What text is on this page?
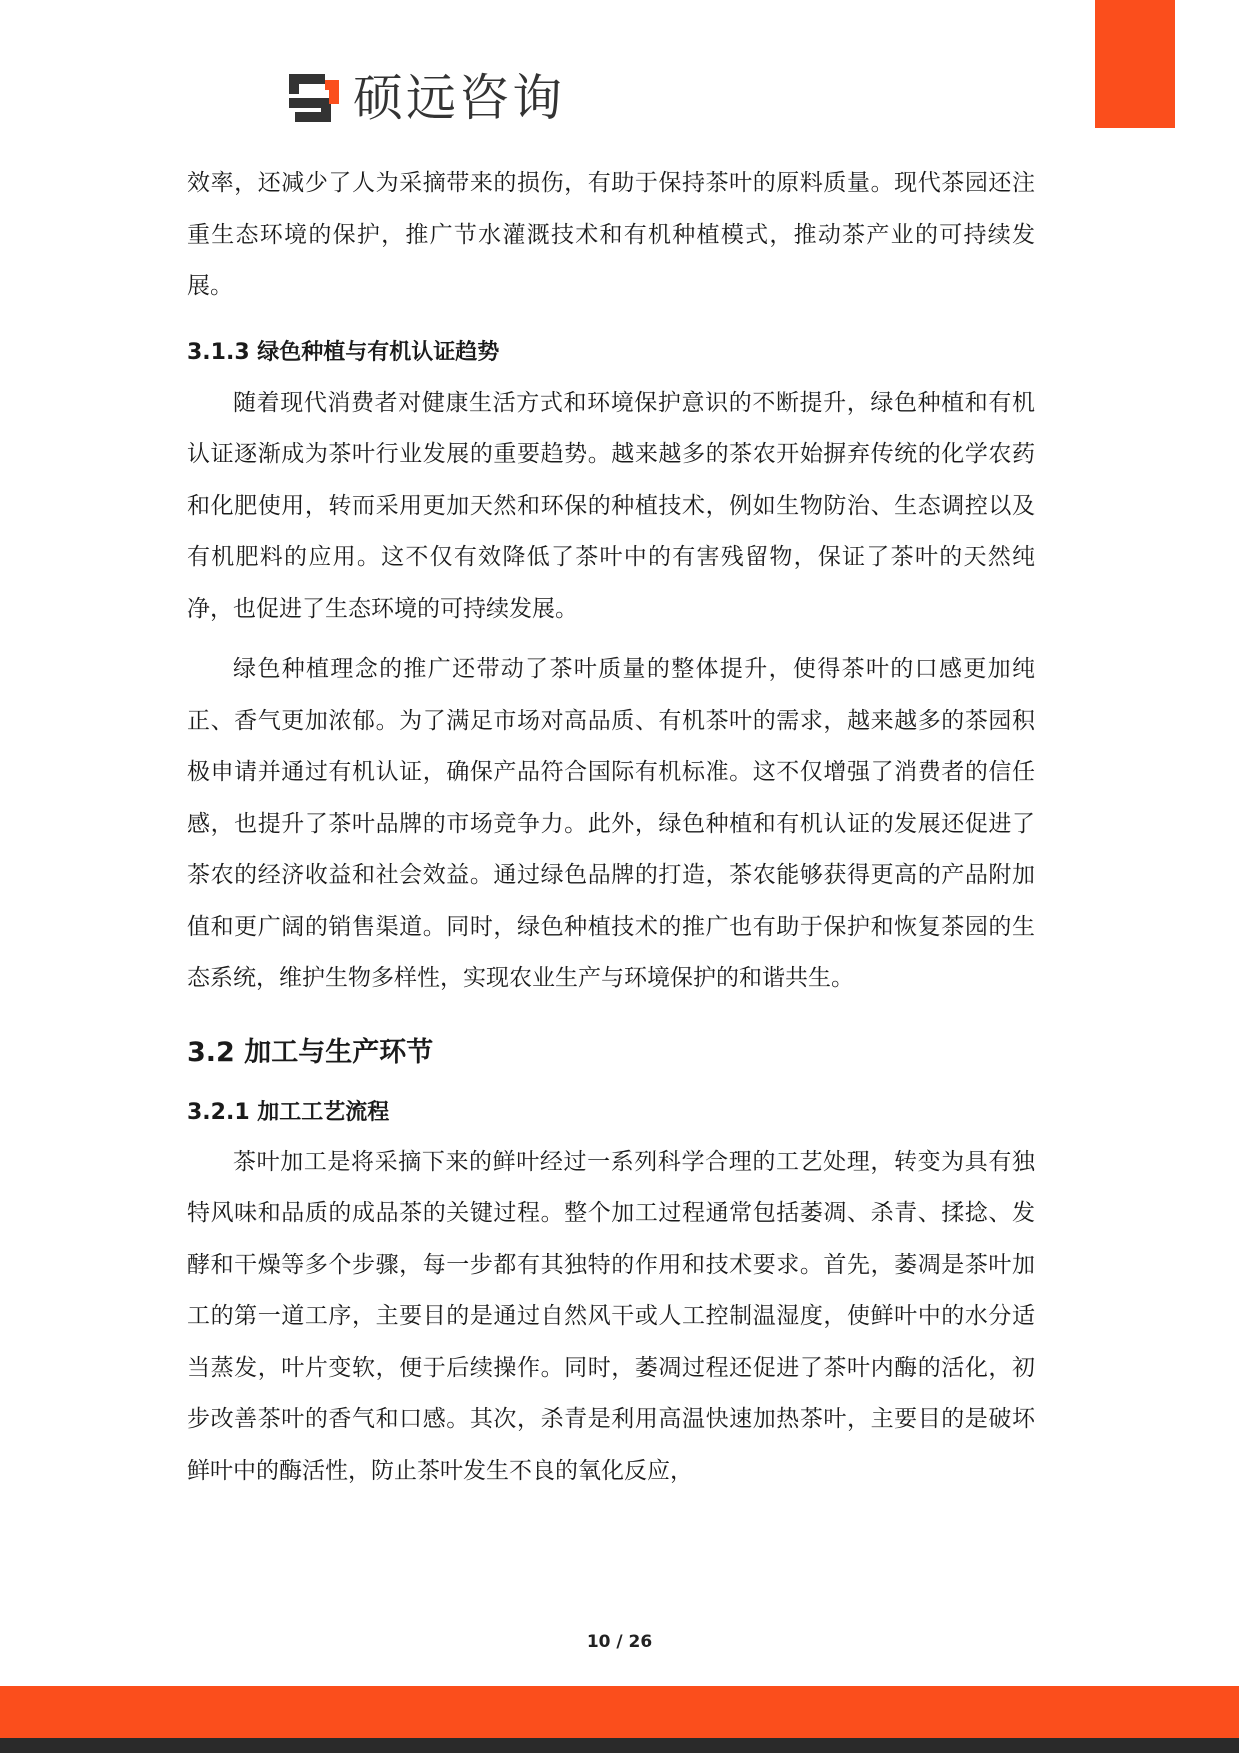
硕远咨询

效率，还减少了人为采摘带来的损伤，有助于保持茶叶的原料质量。现代茶园还注重生态环境的保护，推广节水灌溉技术和有机种植模式，推动茶产业的可持续发展。

3.1.3 绿色种植与有机认证趋势

随着现代消费者对健康生活方式和环境保护意识的不断提升，绿色种植和有机认证逐渐成为茶叶行业发展的重要趋势。越来越多的茶农开始摒弃传统的化学农药和化肥使用，转而采用更加天然和环保的种植技术，例如生物防治、生态调控以及有机肥料的应用。这不仅有效降低了茶叶中的有害残留物，保证了茶叶的天然纯净，也促进了生态环境的可持续发展。

绿色种植理念的推广还带动了茶叶质量的整体提升，使得茶叶的口感更加纯正、香气更加浓郁。为了满足市场对高品质、有机茶叶的需求，越来越多的茶园积极申请并通过有机认证，确保产品符合国际有机标准。这不仅增强了消费者的信任感，也提升了茶叶品牌的市场竞争力。此外，绿色种植和有机认证的发展还促进了茶农的经济收益和社会效益。通过绿色品牌的打造，茶农能够获得更高的产品附加值和更广阔的销售渠道。同时，绿色种植技术的推广也有助于保护和恢复茶园的生态系统，维护生物多样性，实现农业生产与环境保护的和谐共生。

3.2 加工与生产环节
3.2.1 加工工艺流程

茶叶加工是将采摘下来的鲜叶经过一系列科学合理的工艺处理，转变为具有独特风味和品质的成品茶的关键过程。整个加工过程通常包括萎凋、杀青、揉捻、发酵和干燥等多个步骤，每一步都有其独特的作用和技术要求。首先，萎凋是茶叶加工的第一道工序，主要目的是通过自然风干或人工控制温湿度，使鲜叶中的水分适当蒸发，叶片变软，便于后续操作。同时，萎凋过程还促进了茶叶内酶的活化，初步改善茶叶的香气和口感。其次，杀青是利用高温快速加热茶叶，主要目的是破坏鲜叶中的酶活性，防止茶叶发生不良的氧化反应，

10 / 26
